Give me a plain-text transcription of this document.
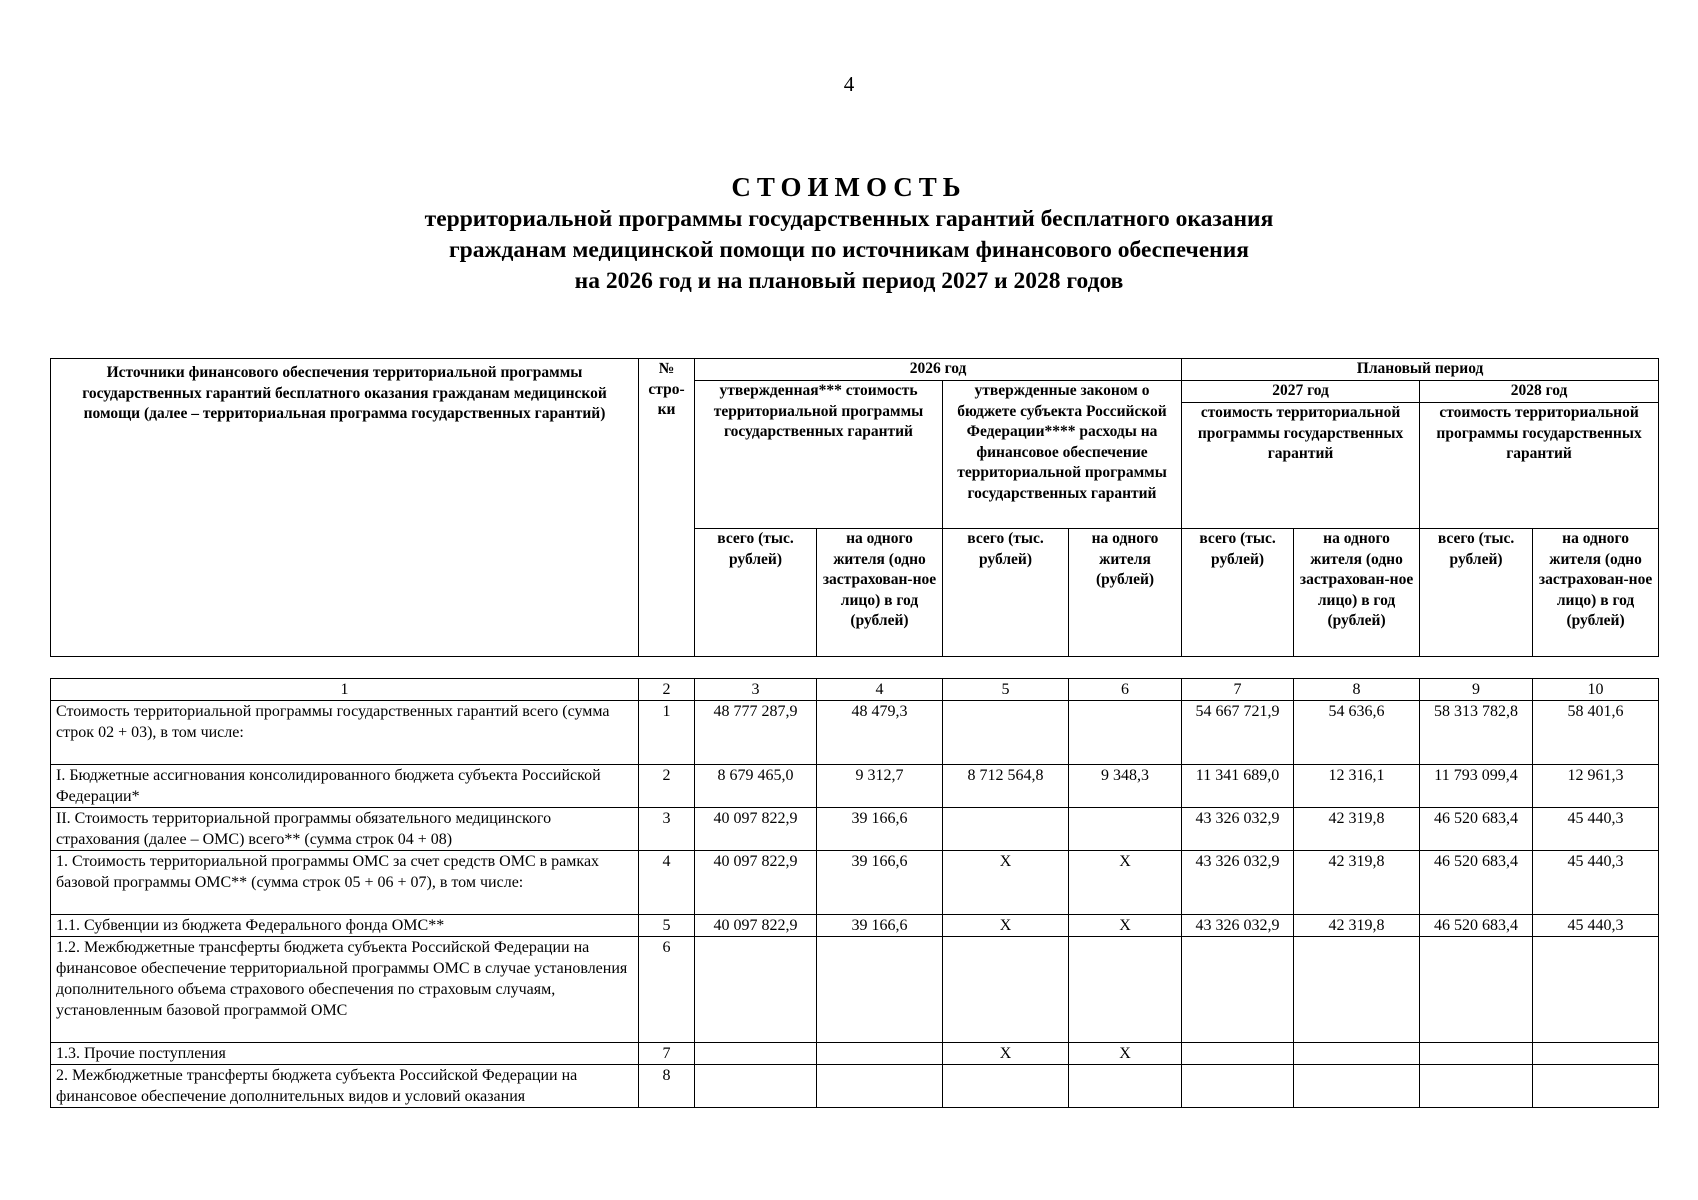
4
СТОИМОСТЬ
территориальной программы государственных гарантий бесплатного оказания
гражданам медицинской помощи по источникам финансового обеспечения
на 2026 год и на плановый период 2027 и 2028 годов
Источники финансового обеспечения территориальной программы государственных гарантий бесплатного оказания гражданам медицинской помощи (далее – территориальная программа государственных гарантий)	№ стро-ки	2026 год				Плановый период			
		утвержденная*** стоимость территориальной программы государственных гарантий		утвержденные законом о бюджете субъекта Российской Федерации**** расходы на финансовое обеспечение территориальной программы государственных гарантий		2027 год		2028 год	
						стоимость территориальной программы государственных гарантий		стоимость территориальной программы государственных гарантий	
		всего (тыс. рублей)	на одного жителя (одно застрахован-ное лицо) в год (рублей)	всего (тыс. рублей)	на одного жителя (рублей)	всего (тыс. рублей)	на одного жителя (одно застрахован-ное лицо) в год (рублей)	всего (тыс. рублей)	на одного жителя (одно застрахован-ное лицо) в год (рублей)
1	2	3	4	5	6	7	8	9	10
Стоимость территориальной программы государственных гарантий всего (сумма строк 02 + 03), в том числе:	1	48 777 287,9	48 479,3			54 667 721,9	54 636,6	58 313 782,8	58 401,6
I. Бюджетные ассигнования консолидированного бюджета субъекта Российской Федерации*	2	8 679 465,0	9 312,7	8 712 564,8	9 348,3	11 341 689,0	12 316,1	11 793 099,4	12 961,3
II. Стоимость территориальной программы обязательного медицинского страхования (далее – ОМС) всего** (сумма строк 04 + 08)	3	40 097 822,9	39 166,6			43 326 032,9	42 319,8	46 520 683,4	45 440,3
1. Стоимость территориальной программы ОМС за счет средств ОМС в рамках базовой программы ОМС** (сумма строк 05 + 06 + 07), в том числе:	4	40 097 822,9	39 166,6	X	X	43 326 032,9	42 319,8	46 520 683,4	45 440,3
1.1. Субвенции из бюджета Федерального фонда ОМС**	5	40 097 822,9	39 166,6	X	X	43 326 032,9	42 319,8	46 520 683,4	45 440,3
1.2. Межбюджетные трансферты бюджета субъекта Российской Федерации на финансовое обеспечение территориальной программы ОМС в случае установления дополнительного объема страхового обеспечения по страховым случаям, установленным базовой программой ОМС	6								
1.3. Прочие поступления	7			X	X				
2. Межбюджетные трансферты бюджета субъекта Российской Федерации на финансовое обеспечение дополнительных видов и условий оказания	8								
